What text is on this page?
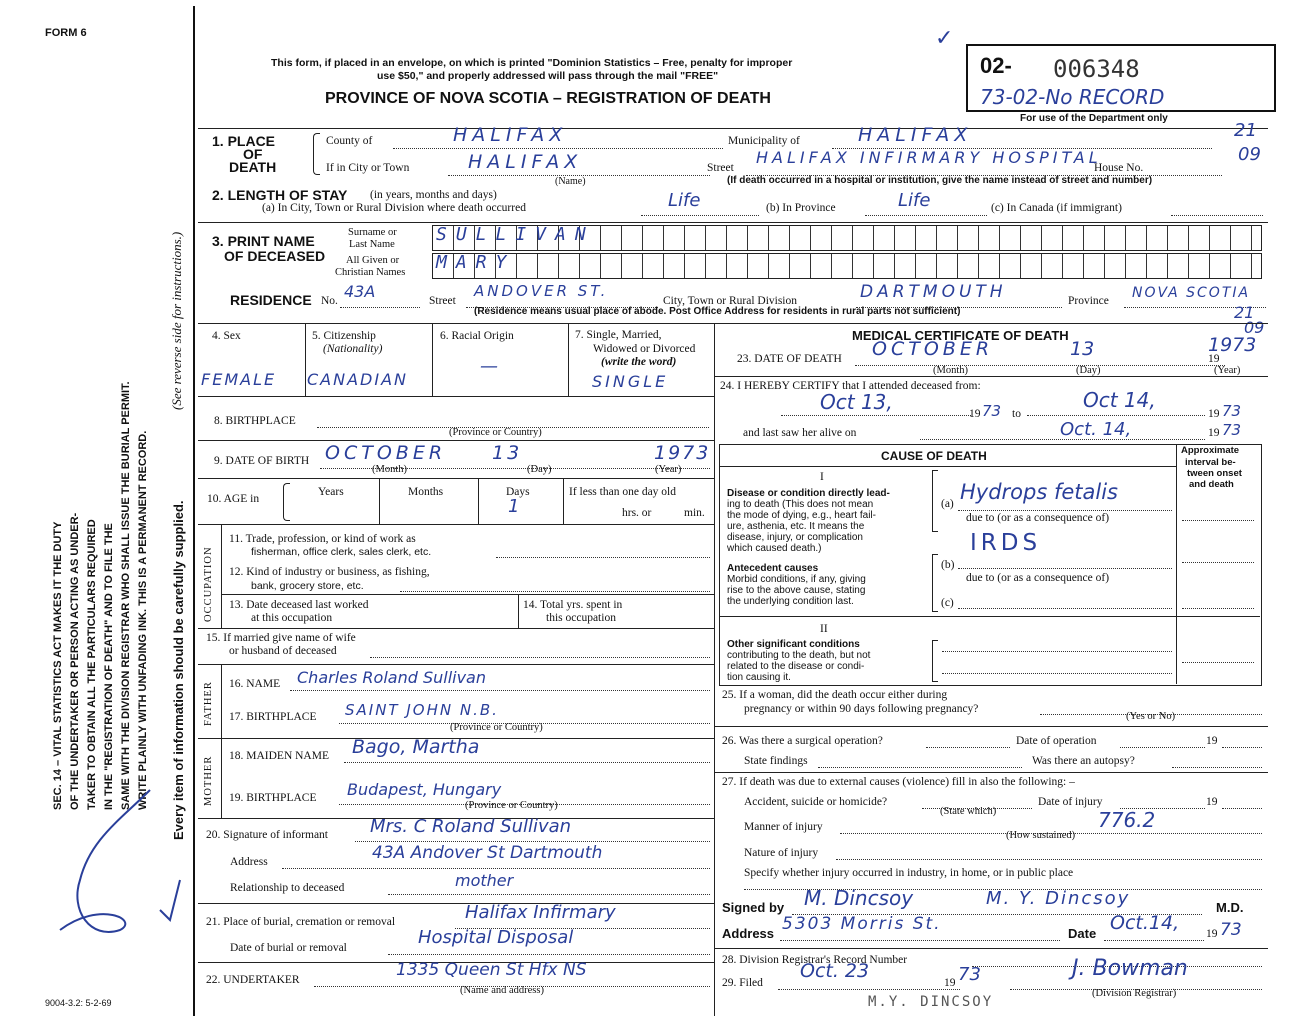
FORM 6
9004-3.2: 5-2-69
SEC. 14 – VITAL STATISTICS ACT MAKES IT THE DUTY OF THE UNDERTAKER OR PERSON ACTING AS UNDER- TAKER TO OBTAIN ALL THE PARTICULARS REQUIRED IN THE "REGISTRATION OF DEATH" AND TO FILE THE SAME WITH THE DIVISION REGISTRAR WHO SHALL ISSUE THE BURIAL PERMIT. WRITE PLAINLY WITH UNFADING INK. THIS IS A PERMANENT RECORD.
(See reverse side for instructions.)
Every item of information should be carefully supplied.
This form, if placed in an envelope, on which is printed "Dominion Statistics – Free, penalty for improper
use $50," and properly addressed will pass through the mail "FREE"
PROVINCE OF NOVA SCOTIA – REGISTRATION OF DEATH
✓
02- 006348
73-02-No RECORD
For use of the Department only
1. PLACE
OF
DEATH
County of	HALIFAX	Municipality of	HALIFAX	21
If in City or Town	HALIFAX
(Name)
Street
HALIFAX INFIRMARY HOSPITAL
House No.
09
(If death occurred in a hospital or institution, give the name instead of street and number)
2. LENGTH OF STAY (in years, months and days)
(a) In City, Town or Rural Division where death occurred	Life	(b) In Province	Life	(c) In Canada (if immigrant)
3. PRINT NAME
OF DECEASED
Surname or
Last Name
All Given or
Christian Names
SULLIVAN
MARY
RESIDENCE No. 43A	Street
ANDOVER ST.
City, Town or Rural Division	DARTMOUTH	Province NOVA SCOTIA
(Residence means usual place of abode. Post Office Address for residents in rural parts not sufficient)	21
09
4. Sex
FEMALE
5. Citizenship
(Nationality)
CANADIAN
6. Racial Origin
—
7. Single, Married,
Widowed or Divorced
(write the word)
SINGLE
8. BIRTHPLACE
(Province or Country)
9. DATE OF BIRTH OCTOBER 13	1973
(Month)	(Day)	(Year)
10. AGE in
Years	Months	Days
1
If less than one day old
hrs. or	min.
OCCUPATION
11. Trade, profession, or kind of work as
fisherman, office clerk, sales clerk, etc.
12. Kind of industry or business, as fishing,
bank, grocery store, etc.
13. Date deceased last worked
at this occupation
14. Total yrs. spent in
this occupation
15. If married give name of wife
or husband of deceased
FATHER 16. NAME Charles Roland Sullivan
17. BIRTHPLACE SAINT JOHN N.B.
(Province or Country)
MOTHER 18. MAIDEN NAME Bago, Martha
19. BIRTHPLACE Budapest, Hungary
(Province or Country)
20. Signature of informant Mrs. C Roland Sullivan
Address	43A Andover St Dartmouth
Relationship to deceased	mother
21. Place of burial, cremation or removal	Halifax Infirmary
Date of burial or removal	Hospital Disposal
22. UNDERTAKER	1335 Queen St Hfx NS
(Name and address)
MEDICAL CERTIFICATE OF DEATH
23. DATE OF DEATH OCTOBER	13	19
1973
(Month)	(Day)	(Year)
24. I HEREBY CERTIFY that I attended deceased from:
Oct 13,	19 73 to
Oct 14,
19 73
and last saw her alive on	Oct. 14,	19 73
CAUSE OF DEATH	Approximate
interval be-
tween onset
and death
I
Disease or condition directly lead-
ing to death (This does not mean
the mode of dying, e.g., heart fail-
ure, asthenia, etc. It means the
disease, injury, or complication
which caused death.)
(a) Hydrops fetalis
due to (or as a consequence of)
IRDS
Antecedent causes
Morbid conditions, if any, giving
rise to the above cause, stating
the underlying condition last.
(b)
due to (or as a consequence of)
(c)
II
Other significant conditions
contributing to the death, but not
related to the disease or condi-
tion causing it.
25. If a woman, did the death occur either during
pregnancy or within 90 days following pregnancy?
(Yes or No)
26. Was there a surgical operation?	Date of operation	19
State findings	Was there an autopsy?
27. If death was due to external causes (violence) fill in also the following: –
Accident, suicide or homicide?	Date of injury	19
(State which)
Manner of injury	776.2
(How sustained)
Nature of injury
Specify whether injury occurred in industry, in home, or in public place
Signed by M. Dincsoy	M. Y. Dincsoy	M.D.
Address 5303 Morris St.	Date Oct.14, 19 73
28. Division Registrar's Record Number
29. Filed
Oct. 23
19 73	J. Bowman
(Division Registrar)
M.Y. DINCSOY
